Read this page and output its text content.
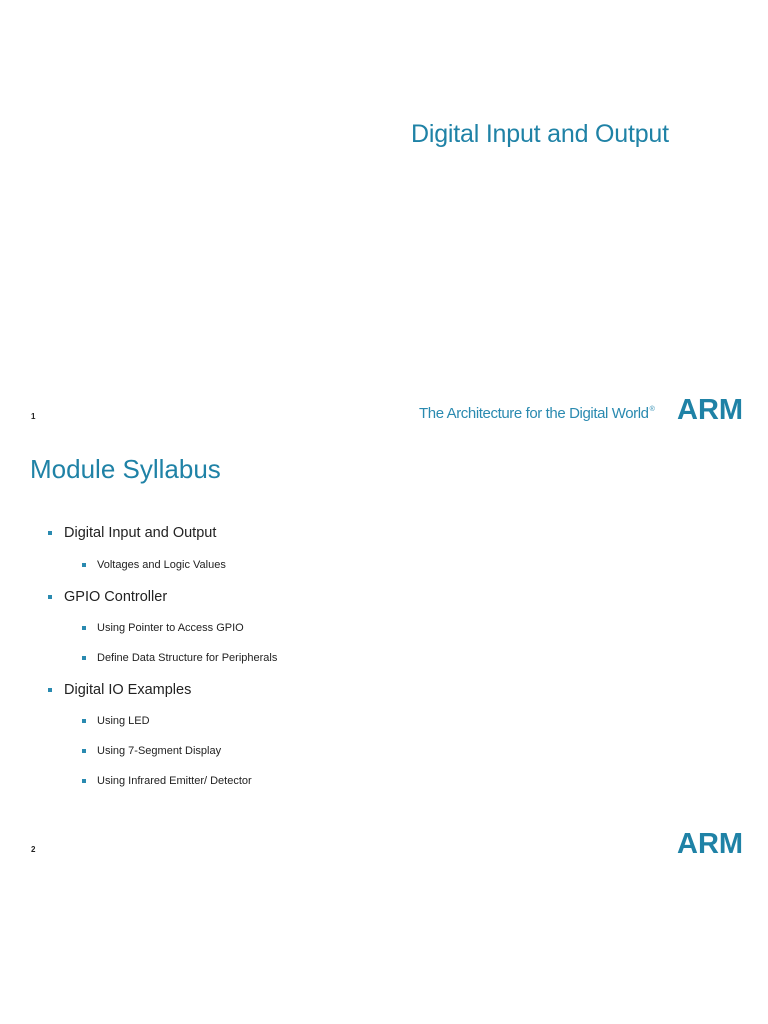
Digital Input and Output
1	The Architecture for the Digital World® ARM
Module Syllabus
Digital Input and Output
Voltages and Logic Values
GPIO Controller
Using Pointer to Access GPIO
Define Data Structure for Peripherals
Digital IO Examples
Using LED
Using 7-Segment Display
Using Infrared Emitter/ Detector
2	ARM
